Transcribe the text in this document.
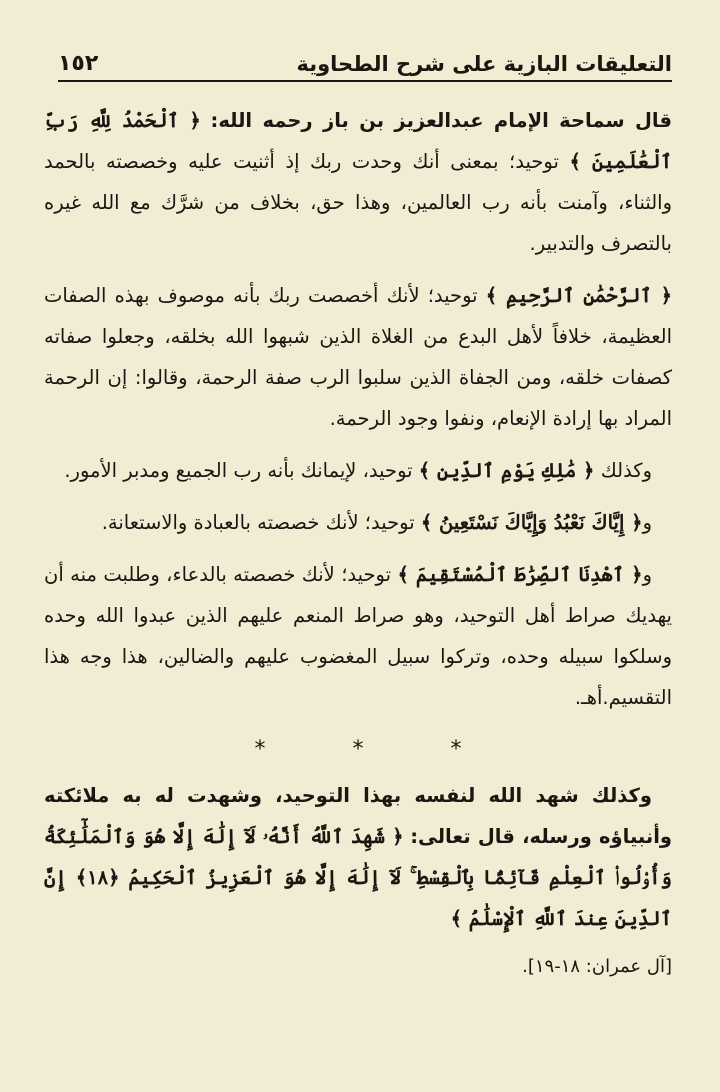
التعليقات البازية على شرح الطحاوية
١٥٢

قال سماحة الإمام عبدالعزيز بن باز رحمه الله: ﴿ ٱلْحَمْدُ لِلَّهِ رَبِّ ٱلْعَٰلَمِينَ ﴾ توحيد؛ بمعنى أنك وحدت ربك إذ أثنيت عليه وخصصته بالحمد والثناء، وآمنت بأنه رب العالمين، وهذا حق، بخلاف من شرَّك مع الله غيره بالتصرف والتدبير.

﴿ ٱلرَّحْمَٰنِ ٱلرَّحِيمِ ﴾ توحيد؛ لأنك أخصصت ربك بأنه موصوف بهذه الصفات العظيمة، خلافاً لأهل البدع من الغلاة الذين شبهوا الله بخلقه، وجعلوا صفاته كصفات خلقه، ومن الجفاة الذين سلبوا الرب صفة الرحمة، وقالوا: إن الرحمة المراد بها إرادة الإنعام، ونفوا وجود الرحمة.

وكذلك ﴿ مَٰلِكِ يَوْمِ ٱلدِّينِ ﴾ توحيد، لإيمانك بأنه رب الجميع ومدبر الأمور.

و﴿ إِيَّاكَ نَعْبُدُ وَإِيَّاكَ نَسْتَعِينُ ﴾ توحيد؛ لأنك خصصته بالعبادة والاستعانة.

و﴿ ٱهْدِنَا ٱلصِّرَٰطَ ٱلْمُسْتَقِيمَ ﴾ توحيد؛ لأنك خصصته بالدعاء، وطلبت منه أن يهديك صراط أهل التوحيد، وهو صراط المنعم عليهم الذين عبدوا الله وحده وسلكوا سبيله وحده، وتركوا سبيل المغضوب عليهم والضالين، هذا وجه هذا التقسيم.أهـ.

* * *

وكذلك شهد الله لنفسه بهذا التوحيد، وشهدت له به ملائكته وأنبياؤه ورسله، قال تعالى: ﴿ شَهِدَ ٱللَّهُ أَنَّهُۥ لَآ إِلَٰهَ إِلَّا هُوَ وَٱلْمَلَٰٓئِكَةُ وَأُو۟لُوا۟ ٱلْعِلْمِ قَآئِمًۢا بِٱلْقِسْطِ ۚ لَآ إِلَٰهَ إِلَّا هُوَ ٱلْعَزِيزُ ٱلْحَكِيمُ ﴿١٨﴾ إِنَّ ٱلدِّينَ عِندَ ٱللَّهِ ٱلْإِسْلَٰمُ ﴾

[آل عمران: ١٨-١٩].
